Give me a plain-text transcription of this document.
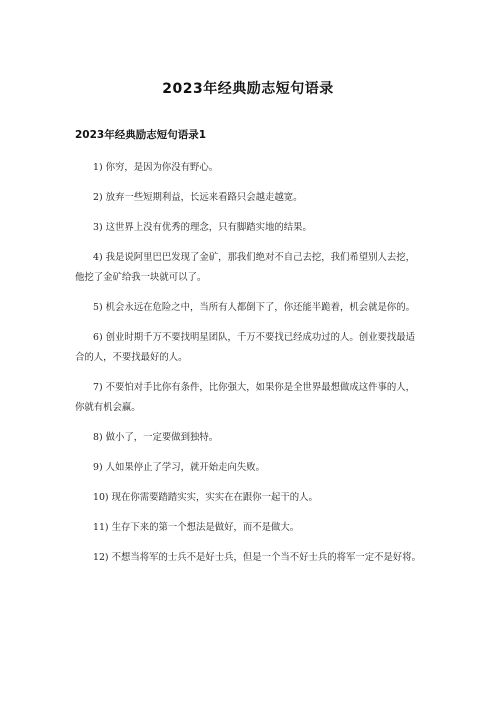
2023年经典励志短句语录
2023年经典励志短句语录1
1) 你穷，是因为你没有野心。
2) 放弃一些短期利益，长远来看路只会越走越宽。
3) 这世界上没有优秀的理念，只有脚踏实地的结果。
4) 我是说阿里巴巴发现了金矿，那我们绝对不自己去挖，我们希望别人去挖，他挖了金矿给我一块就可以了。
5) 机会永远在危险之中，当所有人都倒下了，你还能半跪着，机会就是你的。
6) 创业时期千万不要找明星团队，千万不要找已经成功过的人。创业要找最适合的人，不要找最好的人。
7) 不要怕对手比你有条件，比你强大，如果你是全世界最想做成这件事的人，你就有机会赢。
8) 做小了，一定要做到独特。
9) 人如果停止了学习，就开始走向失败。
10) 现在你需要踏踏实实，实实在在跟你一起干的人。
11) 生存下来的第一个想法是做好，而不是做大。
12) 不想当将军的士兵不是好士兵，但是一个当不好士兵的将军一定不是好将。
